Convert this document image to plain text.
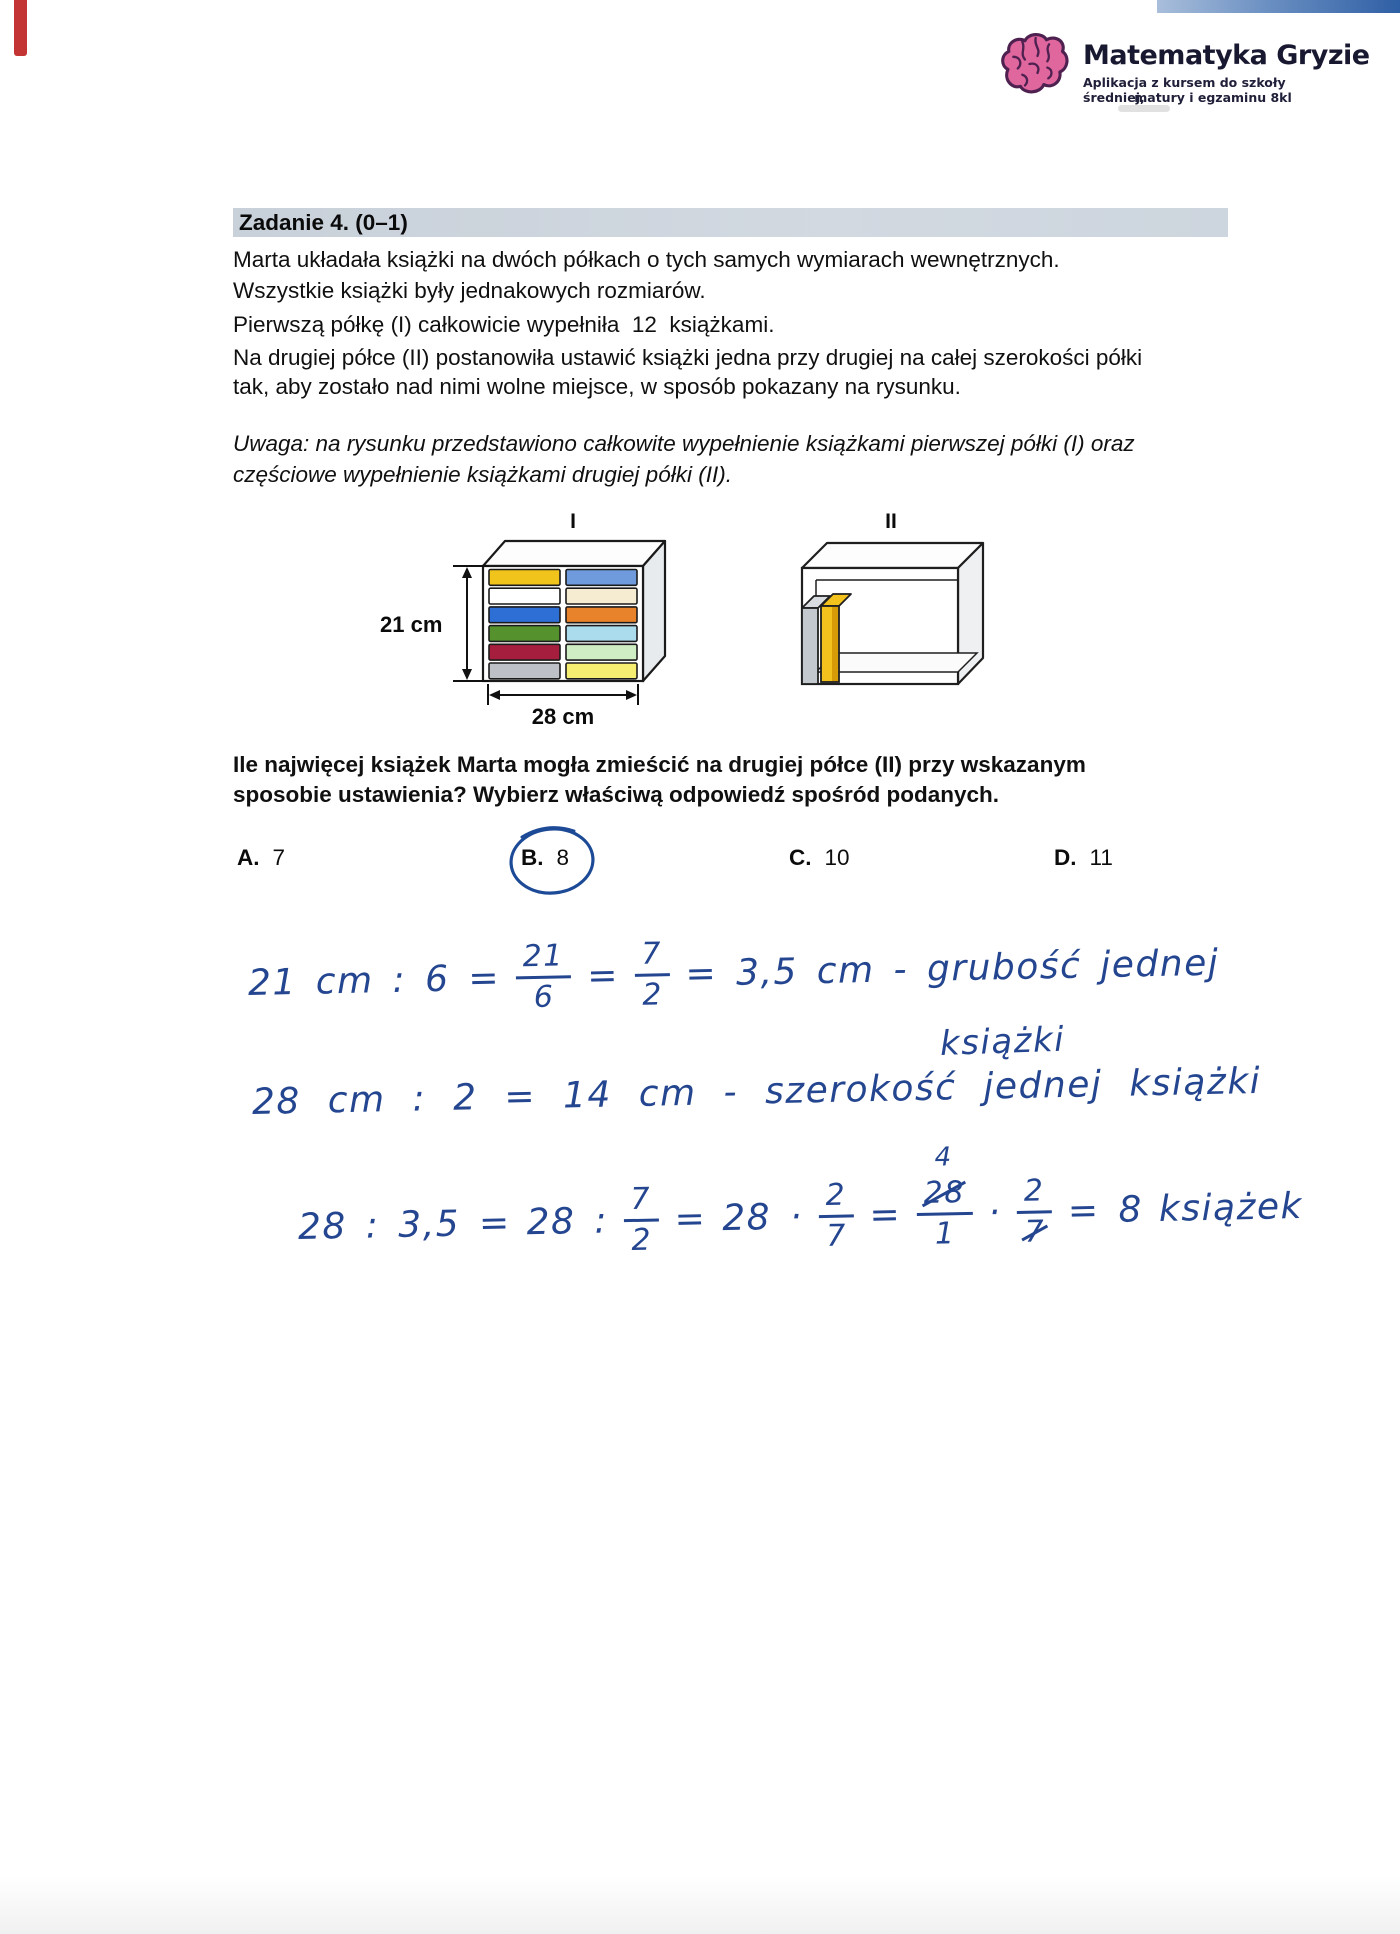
Matematyka Gryzie
Aplikacja z kursem do szkoły średniej,
matury i egzaminu 8kl
Zadanie 4. (0–1)
Marta układała książki na dwóch półkach o tych samych wymiarach wewnętrznych.
Wszystkie książki były jednakowych rozmiarów.
Pierwszą półkę (I) całkowicie wypełniła  12  książkami.
Na drugiej półce (II) postanowiła ustawić książki jedna przy drugiej na całej szerokości półki
tak, aby zostało nad nimi wolne miejsce, w sposób pokazany na rysunku.
Uwaga: na rysunku przedstawiono całkowite wypełnienie książkami pierwszej półki (I) oraz
częściowe wypełnienie książkami drugiej półki (II).
I
21 cm
28 cm
II
Ile najwięcej książek Marta mogła zmieścić na drugiej półce (II) przy wskazanym
sposobie ustawienia? Wybierz właściwą odpowiedź spośród podanych.
A. 7	B. 8	C. 10	D. 11
21 cm : $6 = \frac{21}{6} = \frac{7}{2} = 3,5$ cm - grubość jednej
książki
28 cm : 2 = 14 cm - szerokość jednej książki
28 : 3,5 = 28 : $\frac{7}{2} = 28 \cdot \frac{2}{7}$ =
4
28
1
· $\frac{2}{7} = 8$ książek
